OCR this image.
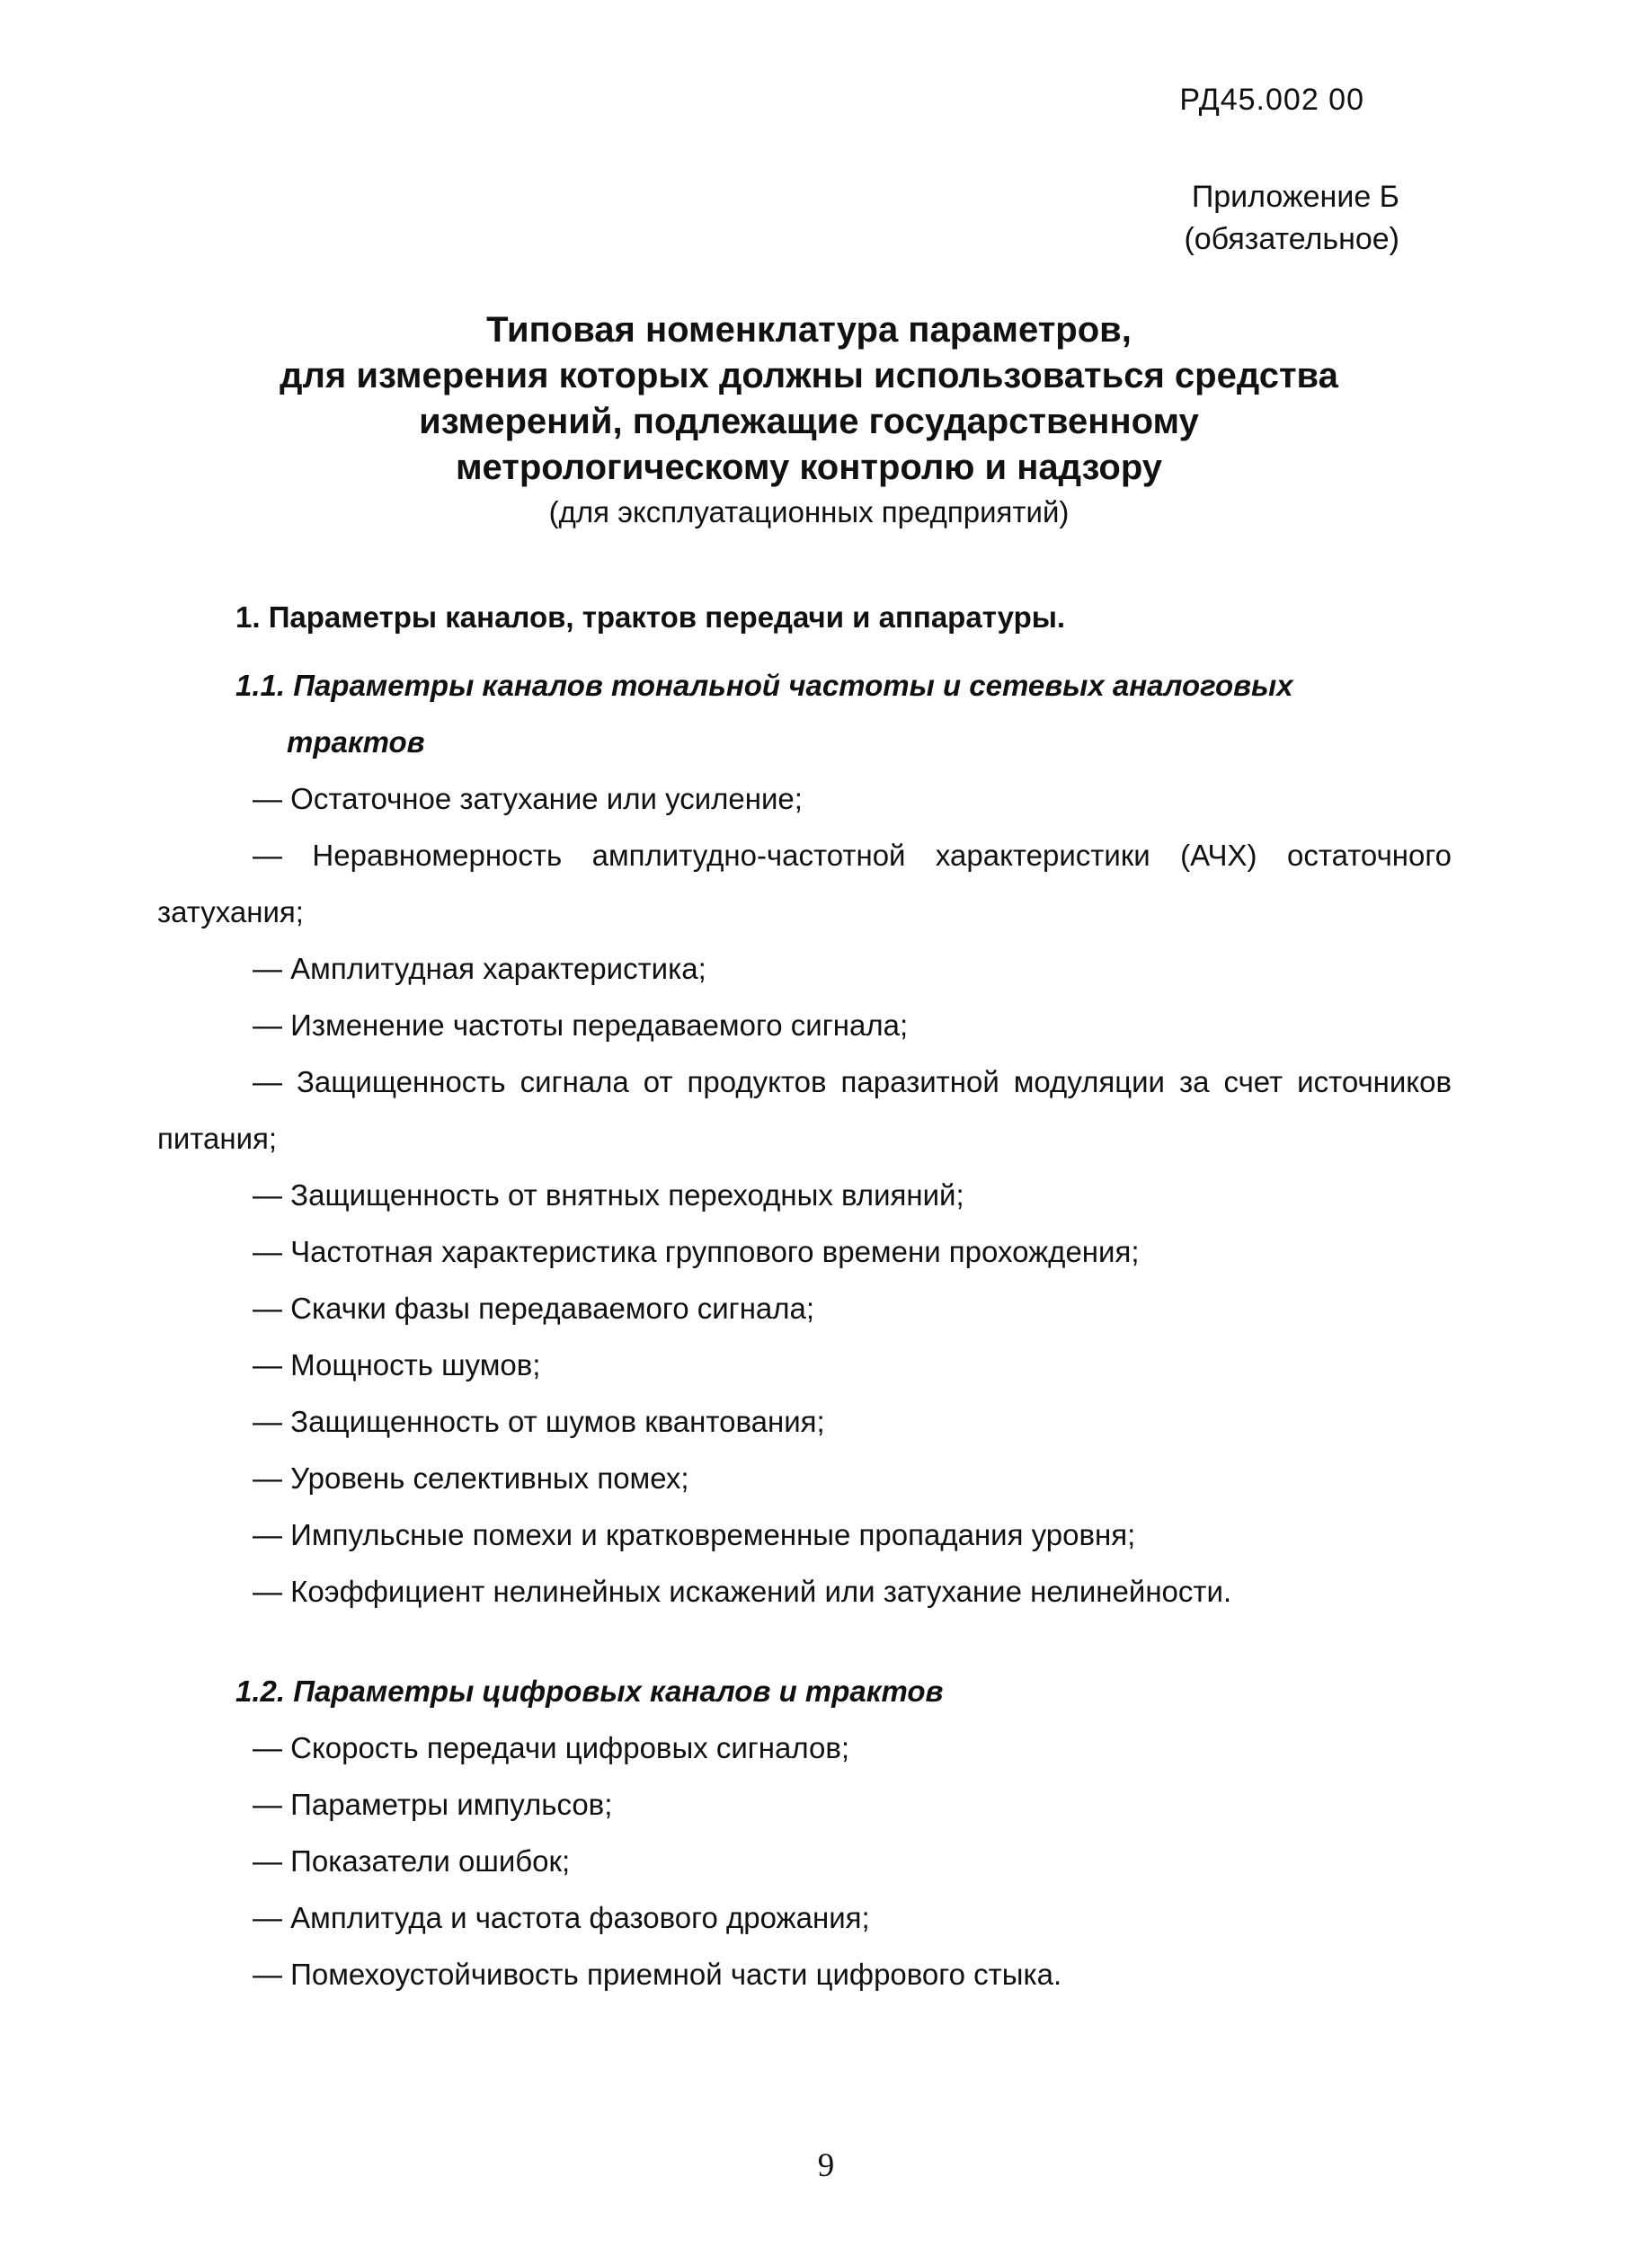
РД45.002 00
Приложение Б
(обязательное)
Типовая номенклатура параметров,
для измерения которых должны использоваться средства
измерений, подлежащие государственному
метрологическому контролю и надзору
(для эксплуатационных предприятий)
1. Параметры каналов, трактов передачи и аппаратуры.
1.1. Параметры каналов тональной частоты и сетевых аналоговых
трактов
— Остаточное затухание или усиление;
— Неравномерность амплитудно-частотной характеристики (АЧХ) остаточного затухания;
— Амплитудная характеристика;
— Изменение частоты передаваемого сигнала;
— Защищенность сигнала от продуктов паразитной модуляции за счет источников питания;
— Защищенность от внятных переходных влияний;
— Частотная характеристика группового времени прохождения;
— Скачки фазы передаваемого сигнала;
— Мощность шумов;
— Защищенность от шумов квантования;
— Уровень селективных помех;
— Импульсные помехи и кратковременные пропадания уровня;
— Коэффициент нелинейных искажений или затухание нелинейности.
1.2. Параметры цифровых каналов и трактов
— Скорость передачи цифровых сигналов;
— Параметры импульсов;
— Показатели ошибок;
— Амплитуда и частота фазового дрожания;
— Помехоустойчивость приемной части цифрового стыка.
9
